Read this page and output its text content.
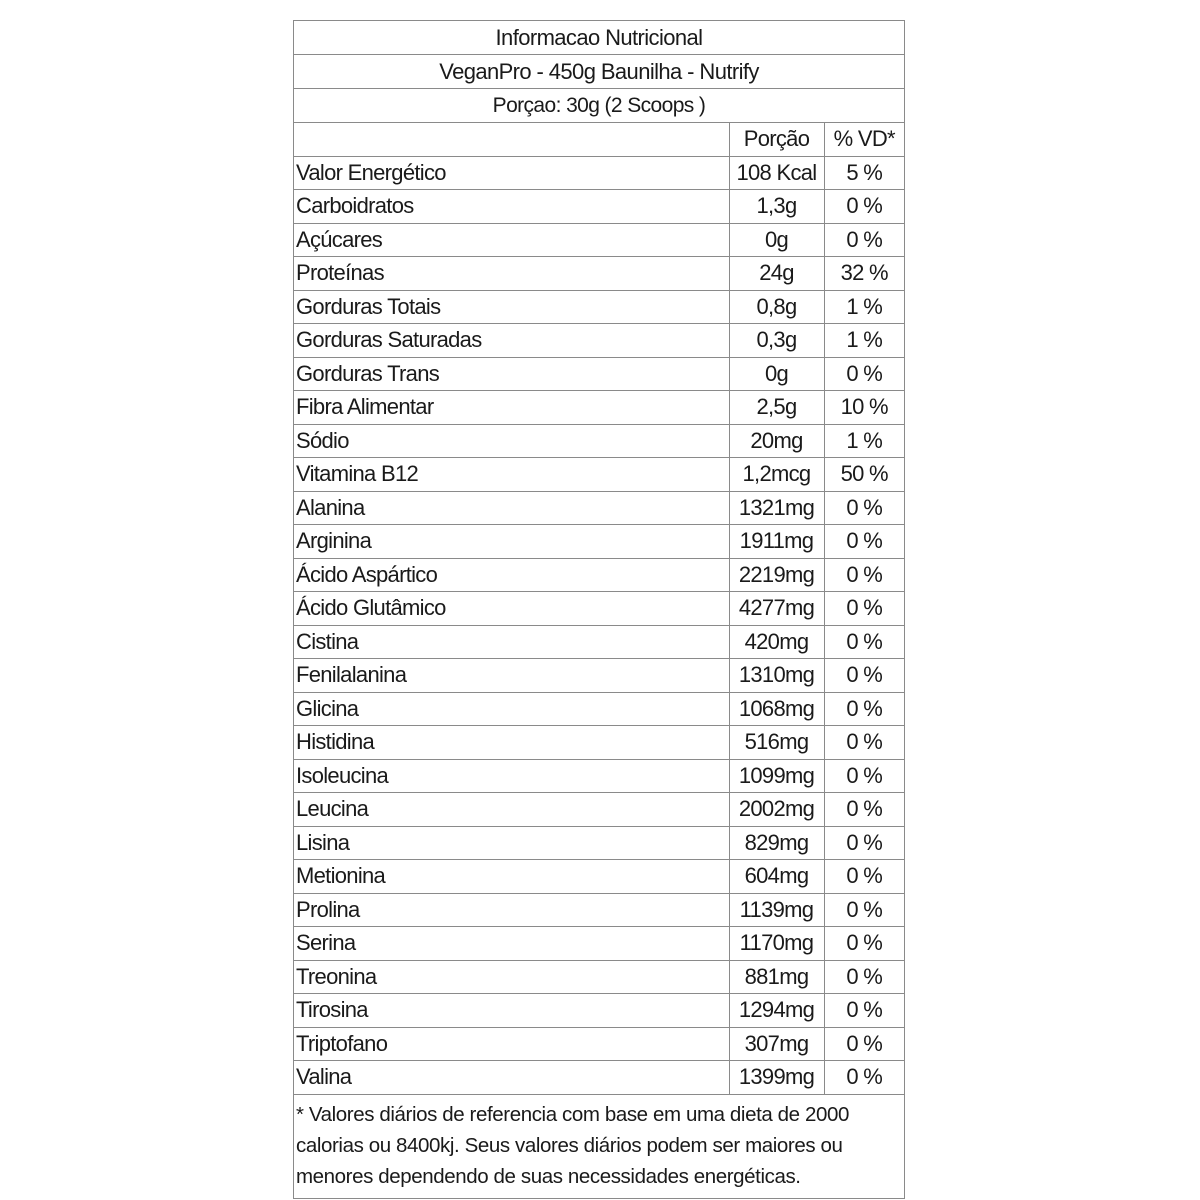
Informacao Nutricional
VeganPro - 450g Baunilha - Nutrify
Porçao: 30g (2 Scoops )
	Porção	% VD*
Valor Energético	108 Kcal	5 %
Carboidratos	1,3g	0 %
Açúcares	0g	0 %
Proteínas	24g	32 %
Gorduras Totais	0,8g	1 %
Gorduras Saturadas	0,3g	1 %
Gorduras Trans	0g	0 %
Fibra Alimentar	2,5g	10 %
Sódio	20mg	1 %
Vitamina B12	1,2mcg	50 %
Alanina	1321mg	0 %
Arginina	1911mg	0 %
Ácido Aspártico	2219mg	0 %
Ácido Glutâmico	4277mg	0 %
Cistina	420mg	0 %
Fenilalanina	1310mg	0 %
Glicina	1068mg	0 %
Histidina	516mg	0 %
Isoleucina	1099mg	0 %
Leucina	2002mg	0 %
Lisina	829mg	0 %
Metionina	604mg	0 %
Prolina	1139mg	0 %
Serina	1170mg	0 %
Treonina	881mg	0 %
Tirosina	1294mg	0 %
Triptofano	307mg	0 %
Valina	1399mg	0 %
* Valores diários de referencia com base em uma dieta de 2000 calorias ou 8400kj. Seus valores diários podem ser maiores ou menores dependendo de suas necessidades energéticas.
